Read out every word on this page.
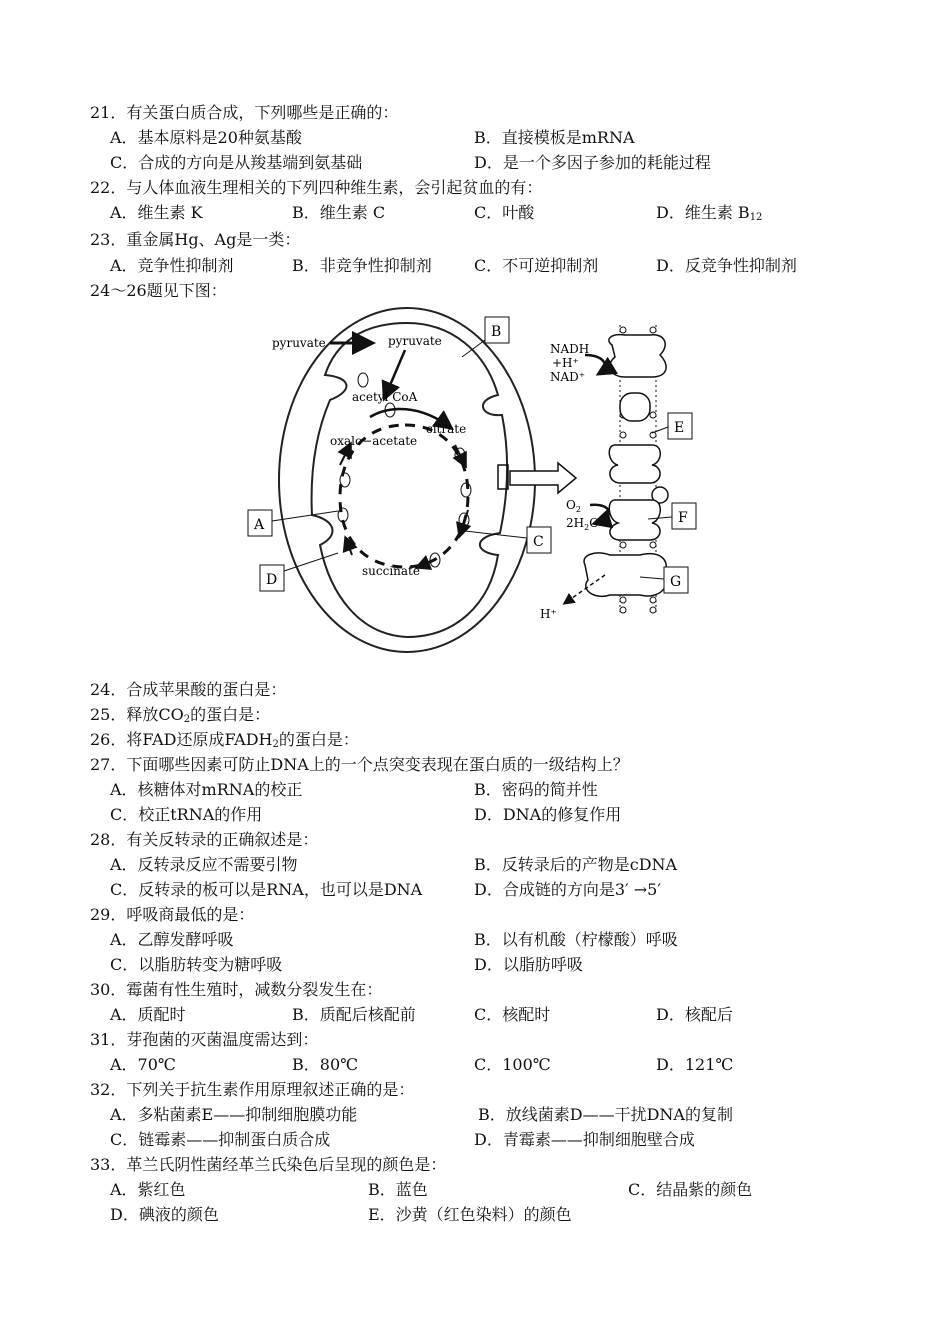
21．有关蛋白质合成，下列哪些是正确的：
A．基本原料是20种氨基酸	B．直接模板是mRNA
C．合成的方向是从羧基端到氨基础	D．是一个多因子参加的耗能过程
22．与人体血液生理相关的下列四种维生素，会引起贫血的有：
A．维生素 K	B．维生素 C	C．叶酸	D．维生素 $B_{12}$
23．重金属Hg、Ag是一类：
A．竞争性抑制剂	B．非竞争性抑制剂	C．不可逆抑制剂	D．反竞争性抑制剂
24～26题见下图：
pyruvate	pyruvate
acetyl CoA
oxalo−acetate
citrate
succinate
NADH
+H⁺
NAD⁺
$O_2$
$2H_2O$
H⁺
A
B
C
D
E
F
G
24．合成苹果酸的蛋白是：
25．释放$CO_2$的蛋白是：
26．将FAD还原成$FADH_2$的蛋白是：
27．下面哪些因素可防止DNA上的一个点突变表现在蛋白质的一级结构上？
A．核糖体对mRNA的校正	B．密码的简并性
C．校正tRNA的作用	D．DNA的修复作用
28．有关反转录的正确叙述是：
A．反转录反应不需要引物	B．反转录后的产物是cDNA
C．反转录的板可以是RNA，也可以是DNA	D．合成链的方向是3′ →5′
29．呼吸商最低的是：
A．乙醇发酵呼吸	B．以有机酸（柠檬酸）呼吸
C．以脂肪转变为糖呼吸	D．以脂肪呼吸
30．霉菌有性生殖时，减数分裂发生在：
A．质配时	B．质配后核配前	C．核配时	D．核配后
31．芽孢菌的灭菌温度需达到：
A．70℃	B．80℃	C．100℃	D．121℃
32．下列关于抗生素作用原理叙述正确的是：
A．多粘菌素E——抑制细胞膜功能	B．放线菌素D——干扰DNA的复制
C．链霉素——抑制蛋白质合成	D．青霉素——抑制细胞壁合成
33．革兰氏阴性菌经革兰氏染色后呈现的颜色是：
A．紫红色	B．蓝色	C．结晶紫的颜色
D．碘液的颜色	E．沙黄（红色染料）的颜色
